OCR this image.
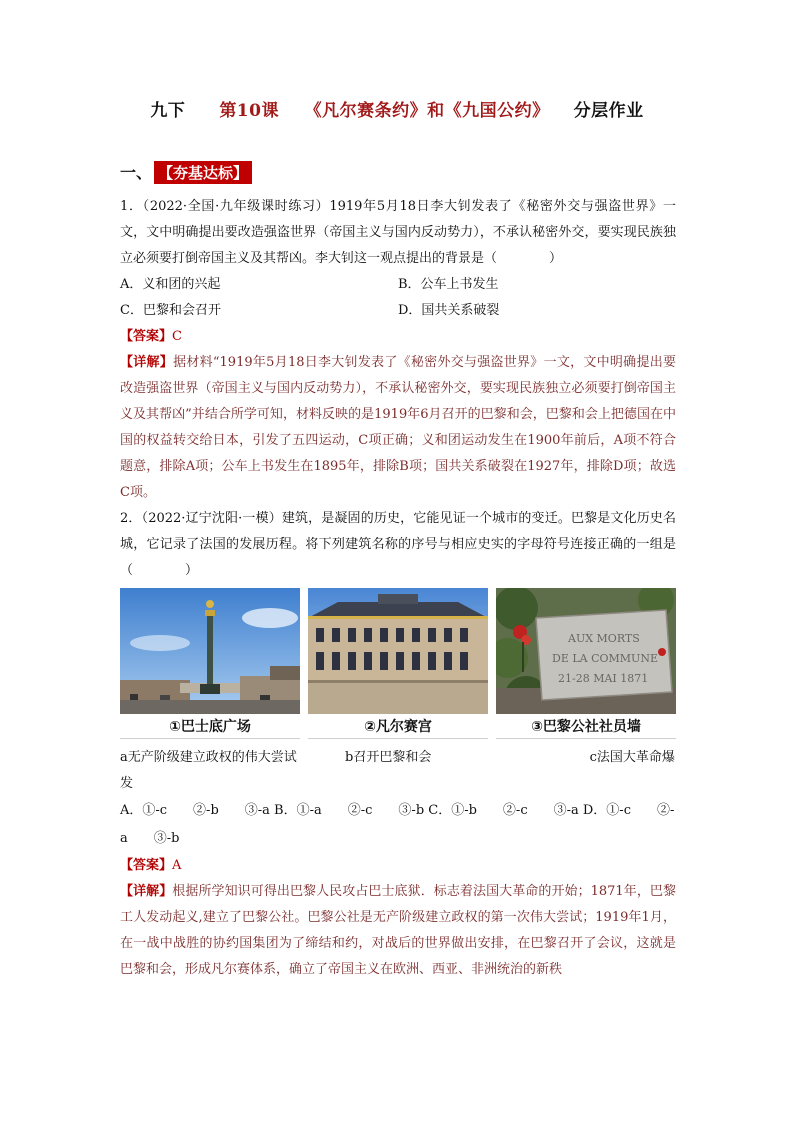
九下 第10课 《凡尔赛条约》和《九国公约》 分层作业
一、 【夯基达标】

1．（2022·全国·九年级课时练习）1919年5月18日李大钊发表了《秘密外交与强盗世界》一文，文中明确提出要改造强盗世界（帝国主义与国内反动势力），不承认秘密外交，要实现民族独立必须要打倒帝国主义及其帮凶。李大钊这一观点提出的背景是（	）

A．义和团的兴起	B．公车上书发生
C．巴黎和会召开	D．国共关系破裂
【答案】C
【详解】据材料“1919年5月18日李大钊发表了《秘密外交与强盗世界》一文，文中明确提出要改造强盗世界（帝国主义与国内反动势力），不承认秘密外交，要实现民族独立必须要打倒帝国主义及其帮凶”并结合所学可知，材料反映的是1919年6月召开的巴黎和会，巴黎和会上把德国在中国的权益转交给日本，引发了五四运动，C项正确；义和团运动发生在1900年前后，A项不符合题意，排除A项；公车上书发生在1895年，排除B项；国共关系破裂在1927年，排除D项；故选C项。

2．（2022·辽宁沈阳·一模）建筑，是凝固的历史，它能见证一个城市的变迁。巴黎是文化历史名城，它记录了法国的发展历程。将下列建筑名称的序号与相应史实的字母符号连接正确的一组是（	）

①巴士底广场	②凡尔赛宫
AUX MORTS
DE LA COMMUNE
21-28 MAI 1871
③巴黎公社社员墙
a无产阶级建立政权的伟大尝试	b召开巴黎和会	c法国大革命爆发
A．①-c　　②-b　　③-a B．①-a　　②-c　　③-b C．①-b　　②-c　　③-a D．①-c　　②-a　　③-b
【答案】A
【详解】根据所学知识可得出巴黎人民攻占巴士底狱．标志着法国大革命的开始；1871年，巴黎工人发动起义,建立了巴黎公社。巴黎公社是无产阶级建立政权的第一次伟大尝试；1919年1月，在一战中战胜的协约国集团为了缔结和约，对战后的世界做出安排，在巴黎召开了会议，这就是巴黎和会，形成凡尔赛体系，确立了帝国主义在欧洲、西亚、非洲统治的新秩
